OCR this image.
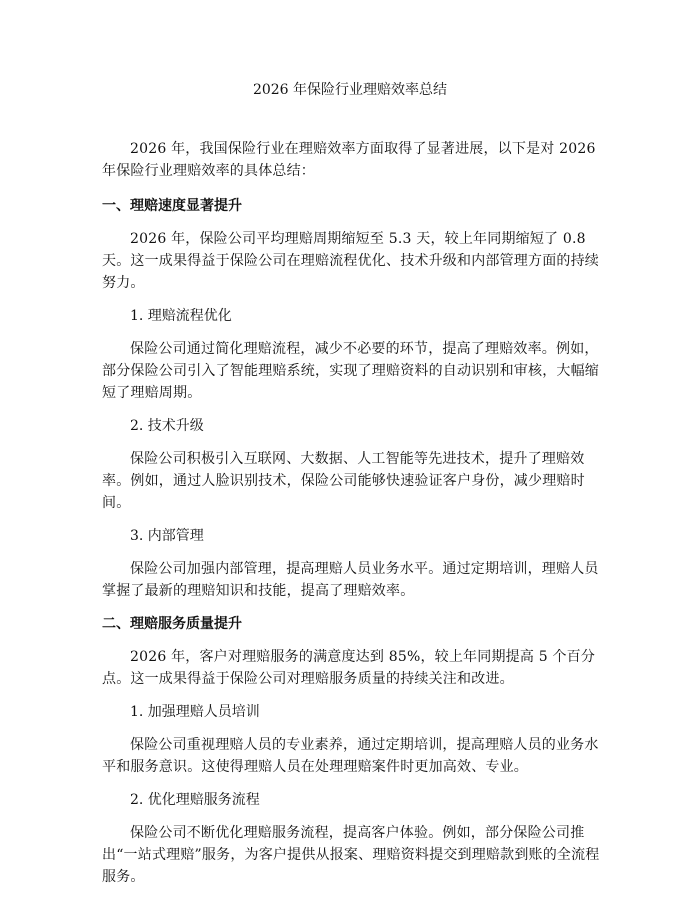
2026 年保险行业理赔效率总结

2026 年，我国保险行业在理赔效率方面取得了显著进展，以下是对 2026 年保险行业理赔效率的具体总结：

一、理赔速度显著提升

2026 年，保险公司平均理赔周期缩短至 5.3 天，较上年同期缩短了 0.8 天。这一成果得益于保险公司在理赔流程优化、技术升级和内部管理方面的持续努力。

1. 理赔流程优化

保险公司通过简化理赔流程，减少不必要的环节，提高了理赔效率。例如，部分保险公司引入了智能理赔系统，实现了理赔资料的自动识别和审核，大幅缩短了理赔周期。

2. 技术升级

保险公司积极引入互联网、大数据、人工智能等先进技术，提升了理赔效率。例如，通过人脸识别技术，保险公司能够快速验证客户身份，减少理赔时间。

3. 内部管理

保险公司加强内部管理，提高理赔人员业务水平。通过定期培训，理赔人员掌握了最新的理赔知识和技能，提高了理赔效率。

二、理赔服务质量提升

2026 年，客户对理赔服务的满意度达到 85%，较上年同期提高 5 个百分点。这一成果得益于保险公司对理赔服务质量的持续关注和改进。

1. 加强理赔人员培训

保险公司重视理赔人员的专业素养，通过定期培训，提高理赔人员的业务水平和服务意识。这使得理赔人员在处理理赔案件时更加高效、专业。

2. 优化理赔服务流程

保险公司不断优化理赔服务流程，提高客户体验。例如，部分保险公司推出“一站式理赔”服务，为客户提供从报案、理赔资料提交到理赔款到账的全流程服务。
